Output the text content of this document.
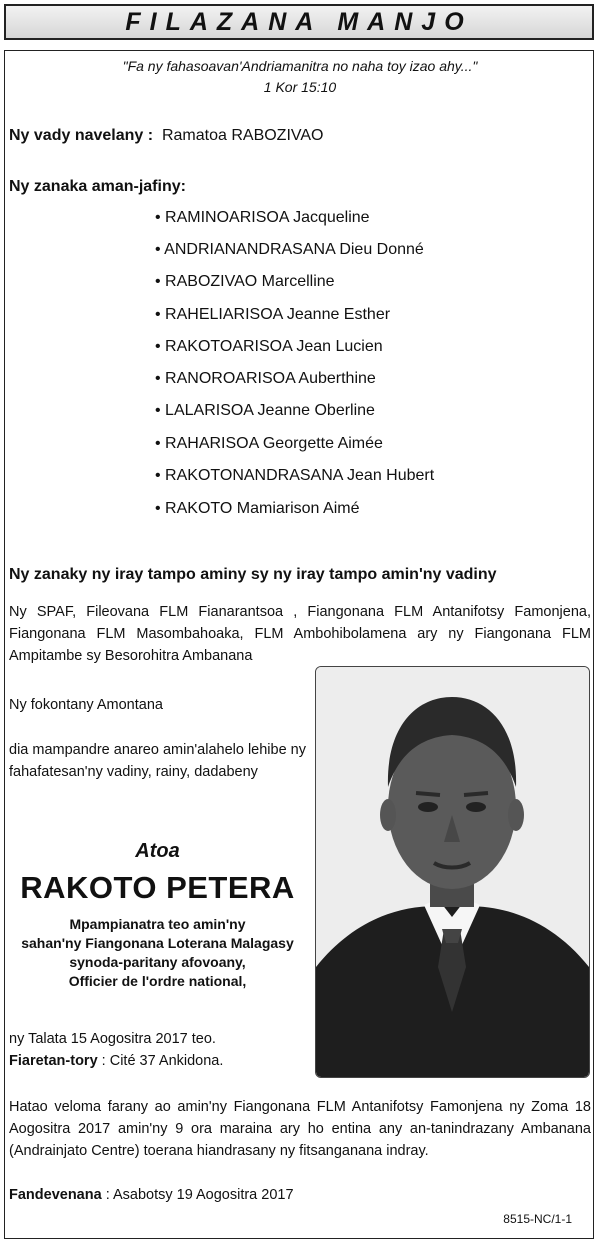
FILAZANA MANJO
"Fa ny fahasoavan'Andriamanitra no naha toy izao ahy..."
1 Kor 15:10
Ny vady navelany : Ramatoa RABOZIVAO
Ny zanaka aman-jafiny:
• RAMINOARISOA Jacqueline
• ANDRIANANDRASANA Dieu Donné
• RABOZIVAO Marcelline
• RAHELIARISOA Jeanne Esther
• RAKOTOARISOA Jean Lucien
• RANOROARISOA Auberthine
• LALARISOA Jeanne Oberline
• RAHARISOA Georgette Aimée
• RAKOTONANDRASANA Jean Hubert
• RAKOTO Mamiarison Aimé
Ny zanaky ny iray tampo aminy sy ny iray tampo amin'ny vadiny
Ny SPAF, Fileovana FLM Fianarantsoa , Fiangonana FLM Antanifotsy Famonjena, Fiangonana FLM Masombahoaka, FLM Ambohibolamena ary ny Fiangonana FLM Ampitambe sy Besorohitra Ambanana
Ny fokontany Amontana
dia mampandre anareo amin'alahelo lehibe ny fahafatesan'ny vadiny, rainy, dadabeny
Atoa
RAKOTO PETERA
Mpampianatra teo amin'ny
sahan'ny Fiangonana Loterana Malagasy
synoda-paritany afovoany,
Officier de l'ordre national,
ny Talata 15 Aogositra 2017 teo.
Fiaretan-tory : Cité 37 Ankidona.
Hatao veloma farany ao amin'ny Fiangonana FLM Antanifotsy Famonjena ny Zoma 18 Aogositra 2017 amin'ny 9 ora maraina ary ho entina any an-tanindrazany Ambanana (Andrainjato Centre) toerana hiandrasany ny fitsanganana indray.
Fandevenana : Asabotsy 19 Aogositra 2017
8515-NC/1-1
